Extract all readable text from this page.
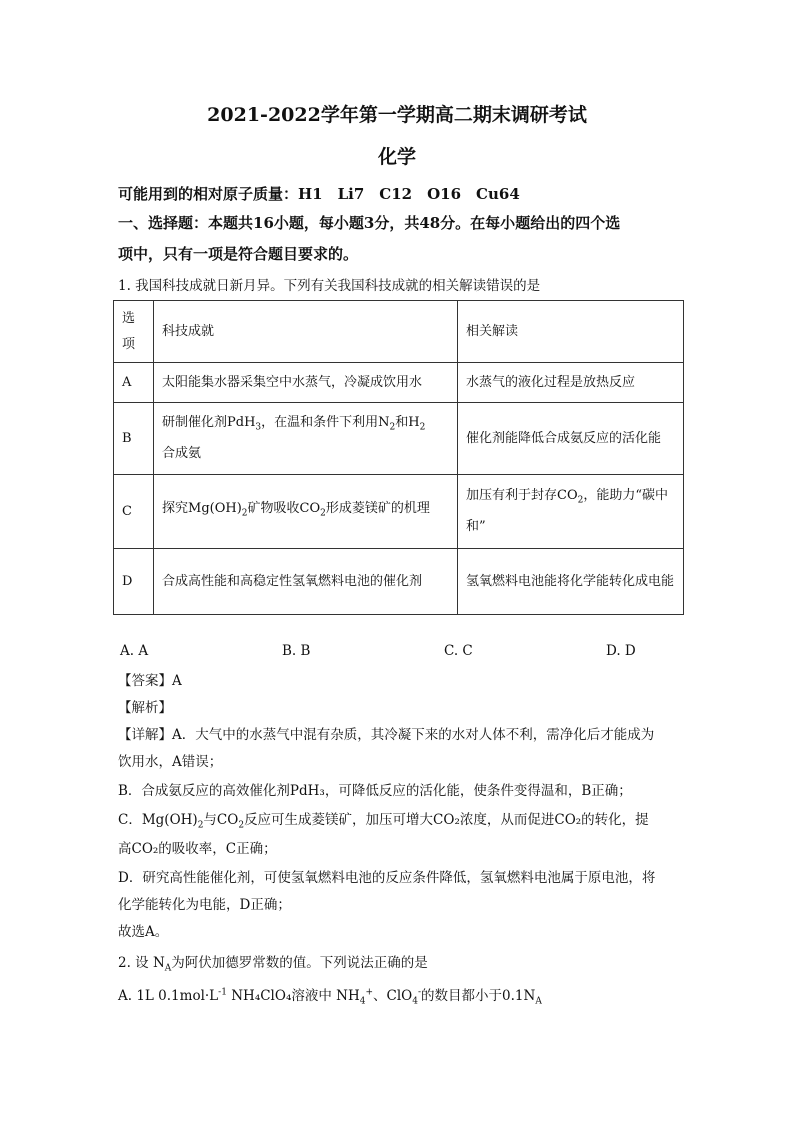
2021-2022学年第一学期高二期末调研考试
化学
可能用到的相对原子质量：H1　Li7　C12　O16　Cu64
一、选择题：本题共16小题，每小题3分，共48分。在每小题给出的四个选
项中，只有一项是符合题目要求的。
1. 我国科技成就日新月异。下列有关我国科技成就的相关解读错误的是
选
项	科技成就	相关解读
A	太阳能集水器采集空中水蒸气，冷凝成饮用水	水蒸气的液化过程是放热反应
B	研制催化剂PdH$_3$，在温和条件下利用$N_2$和$H_2$
合成氨	催化剂能降低合成氨反应的活化能
C	探究$Mg(OH)_2$矿物吸收$CO_2$形成菱镁矿的机理	加压有利于封存$CO_2$，能助力“碳中和”
D	合成高性能和高稳定性氢氧燃料电池的催化剂	氢氧燃料电池能将化学能转化成电能
A. A	B. B	C. C	D. D
【答案】A
【解析】
【详解】A．大气中的水蒸气中混有杂质，其冷凝下来的水对人体不利，需净化后才能成为
饮用水，A错误；
B．合成氨反应的高效催化剂PdH₃，可降低反应的活化能，使条件变得温和，B正确；
C．$Mg(OH)_2$与$CO_2$反应可生成菱镁矿，加压可增大CO₂浓度，从而促进CO₂的转化，提
高CO₂的吸收率，C正确；
D．研究高性能催化剂，可使氢氧燃料电池的反应条件降低，氢氧燃料电池属于原电池，将
化学能转化为电能，D正确；
故选A。
2. 设 $N_A$为阿伏加德罗常数的值。下列说法正确的是
A. 1L $0.1mol\cdot L^{-1}$ NH₄ClO₄溶液中 $NH_4^+$、ClO$_4$-的数目都小于$0.1N_A$
